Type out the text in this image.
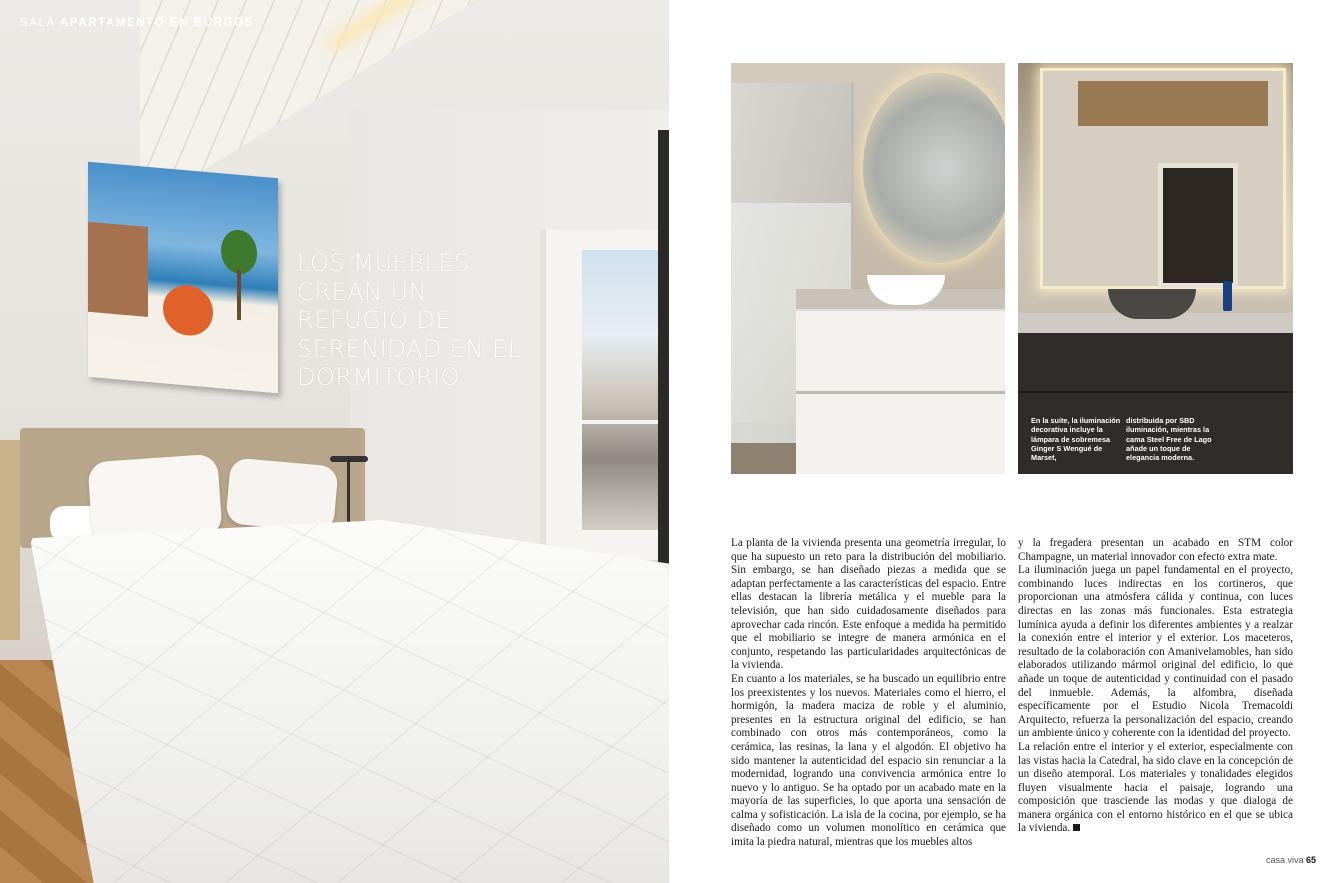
SALA APARTAMENTO EN BURGOS
LOS MUEBLES CREAN UN REFUGIO DE SERENIDAD EN EL DORMITORIO
En la suite, la iluminación decorativa incluye la lámpara de sobremesa Ginger S Wengué de Marset,
distribuida por SBD iluminación, mientras la cama Steel Free de Lago añade un toque de elegancia moderna.

La planta de la vivienda presenta una geometría irregular, lo que ha supuesto un reto para la distribución del mobiliario. Sin embargo, se han diseñado piezas a medida que se adaptan perfectamente a las características del espacio. Entre ellas destacan la librería metálica y el mueble para la televisión, que han sido cuidadosamente diseñados para aprovechar cada rincón. Este enfoque a medida ha permitido que el mobiliario se integre de manera armónica en el conjunto, respetando las particularidades arquitectónicas de la vivienda.

En cuanto a los materiales, se ha buscado un equilibrio entre los preexistentes y los nuevos. Materiales como el hierro, el hormigón, la madera maciza de roble y el aluminio, presentes en la estructura original del edificio, se han combinado con otros más contemporáneos, como la cerámica, las resinas, la lana y el algodón. El objetivo ha sido mantener la autenticidad del espacio sin renunciar a la modernidad, logrando una convivencia armónica entre lo nuevo y lo antiguo. Se ha optado por un acabado mate en la mayoría de las superficies, lo que aporta una sensación de calma y sofisticación. La isla de la cocina, por ejemplo, se ha diseñado como un volumen monolítico en cerámica que imita la piedra natural, mientras que los muebles altos

y la fregadera presentan un acabado en STM color Champagne, un material innovador con efecto extra mate.

La iluminación juega un papel fundamental en el proyecto, combinando luces indirectas en los cortineros, que proporcionan una atmósfera cálida y continua, con luces directas en las zonas más funcionales. Esta estrategia lumínica ayuda a definir los diferentes ambientes y a realzar la conexión entre el interior y el exterior. Los maceteros, resultado de la colaboración con Amanivelamobles, han sido elaborados utilizando mármol original del edificio, lo que añade un toque de autenticidad y continuidad con el pasado del inmueble. Además, la alfombra, diseñada específicamente por el Estudio Nicola Tremacoldi Arquitecto, refuerza la personalización del espacio, creando un ambiente único y coherente con la identidad del proyecto.

La relación entre el interior y el exterior, especialmente con las vistas hacia la Catedral, ha sido clave en la concepción de un diseño atemporal. Los materiales y tonalidades elegidos fluyen visualmente hacia el paisaje, logrando una composición que trasciende las modas y que dialoga de manera orgánica con el entorno histórico en el que se ubica la vivienda.

casa viva 65
